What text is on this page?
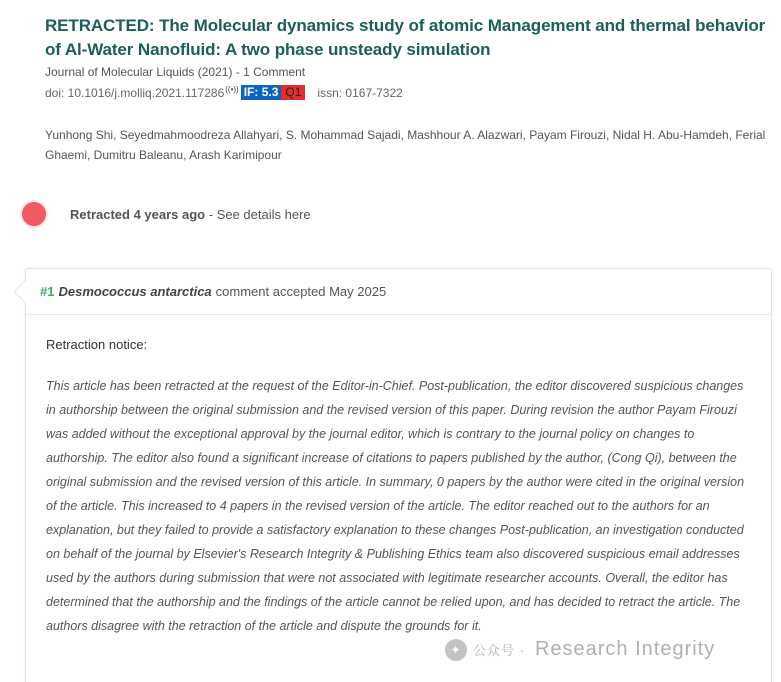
RETRACTED: The Molecular dynamics study of atomic Management and thermal behavior of Al-Water Nanofluid: A two phase unsteady simulation
Journal of Molecular Liquids (2021) - 1 Comment
doi: 10.1016/j.molliq.2021.117286 ((•)) IF: 5.3 Q1	issn: 0167-7322
Yunhong Shi, Seyedmahmoodreza Allahyari, S. Mohammad Sajadi, Mashhour A. Alazwari, Payam Firouzi, Nidal H. Abu-Hamdeh, Ferial Ghaemi, Dumitru Baleanu, Arash Karimipour
Retracted 4 years ago - See details here
#1 Desmococcus antarctica comment accepted May 2025

Retraction notice:

This article has been retracted at the request of the Editor-in-Chief. Post-publication, the editor discovered suspicious changes in authorship between the original submission and the revised version of this paper. During revision the author Payam Firouzi was added without the exceptional approval by the journal editor, which is contrary to the journal policy on changes to authorship. The editor also found a significant increase of citations to papers published by the author, (Cong Qi), between the original submission and the revised version of this article. In summary, 0 papers by the author were cited in the original version of the article. This increased to 4 papers in the revised version of the article. The editor reached out to the authors for an explanation, but they failed to provide a satisfactory explanation to these changes Post-publication, an investigation conducted on behalf of the journal by Elsevier's Research Integrity & Publishing Ethics team also discovered suspicious email addresses used by the authors during submission that were not associated with legitimate researcher accounts. Overall, the editor has determined that the authorship and the findings of the article cannot be relied upon, and has decided to retract the article. The authors disagree with the retraction of the article and dispute the grounds for it.

✦ 公众号 · Research Integrity
